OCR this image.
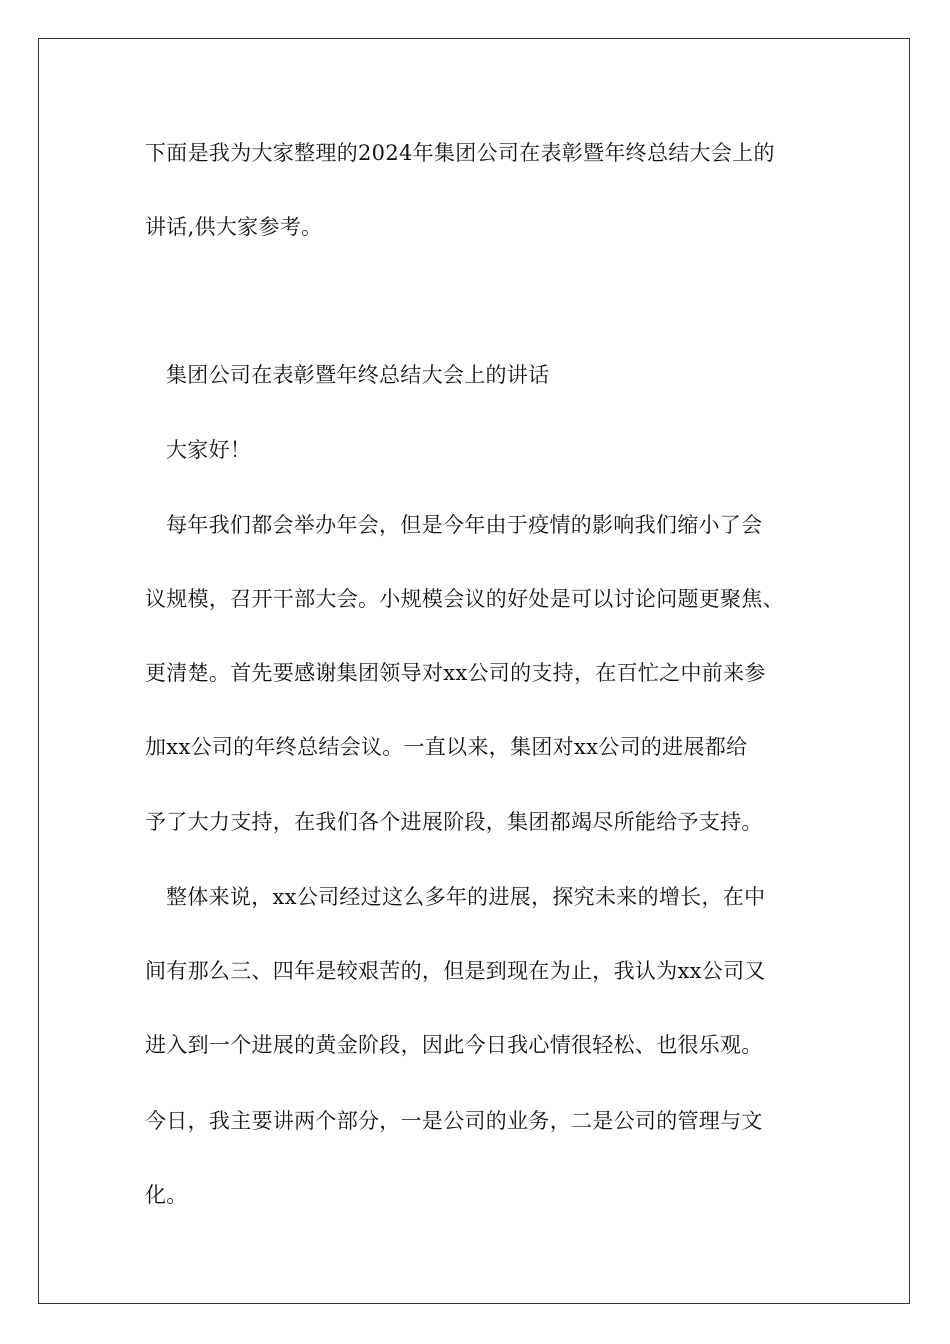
下面是我为大家整理的2024年集团公司在表彰暨年终总结大会上的
讲话,供大家参考。
集团公司在表彰暨年终总结大会上的讲话
大家好！
每年我们都会举办年会，但是今年由于疫情的影响我们缩小了会
议规模，召开干部大会。小规模会议的好处是可以讨论问题更聚焦、
更清楚。首先要感谢集团领导对xx公司的支持，在百忙之中前来参
加xx公司的年终总结会议。一直以来，集团对xx公司的进展都给
予了大力支持，在我们各个进展阶段，集团都竭尽所能给予支持。
整体来说，xx公司经过这么多年的进展，探究未来的增长，在中
间有那么三、四年是较艰苦的，但是到现在为止，我认为xx公司又
进入到一个进展的黄金阶段，因此今日我心情很轻松、也很乐观。
今日，我主要讲两个部分，一是公司的业务，二是公司的管理与文
化。
